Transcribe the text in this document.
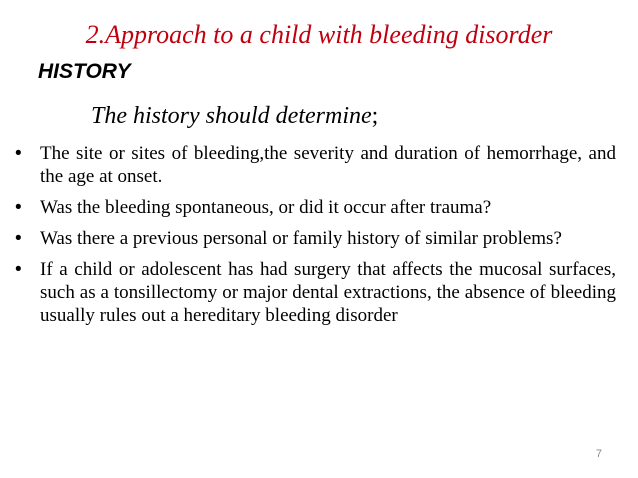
2.Approach to a child with bleeding disorder
HISTORY
The history should determine;
• The site or sites of bleeding,the severity and duration of hemorrhage, and the age at onset.
• Was the bleeding spontaneous, or did it occur after trauma?
• Was there a previous personal or family history of similar problems?
• If a child or adolescent has had surgery that affects the mucosal surfaces, such as a tonsillectomy or major dental extractions, the absence of bleeding usually rules out a hereditary bleeding disorder
7
